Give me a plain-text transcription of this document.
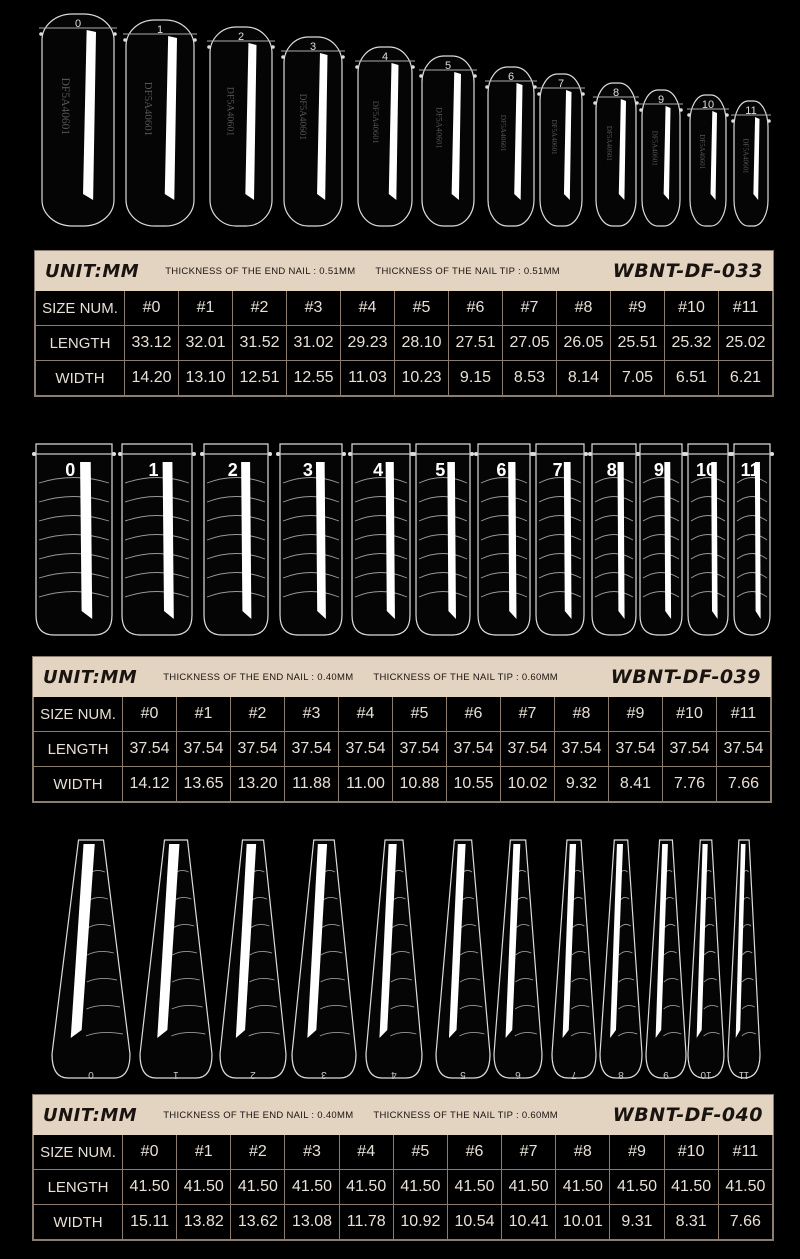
0
DF5A40601
1
DF5A40601
2
DF5A40601
3
DF5A40601
4
DF5A40601
5
DF5A40601
6
DF5A40601
7
DF5A40601
8
DF5A40601
9
DF5A40601
10
DF5A40601
11
DF5A40601
UNIT:MM	THICKNESS OF THE END NAIL : 0.51MM THICKNESS OF THE NAIL TIP : 0.51MM	WBNT-DF-033
SIZE NUM.	#0	#1	#2	#3	#4	#5	#6	#7	#8	#9	#10	#11
LENGTH	33.12	32.01	31.52	31.02	29.23	28.10	27.51	27.05	26.05	25.51	25.32	25.02
WIDTH	14.20	13.10	12.51	12.55	11.03	10.23	9.15	8.53	8.14	7.05	6.51	6.21
0	1	2	3	4	5	6	7 8 9 10 11
UNIT:MM	THICKNESS OF THE END NAIL : 0.40MM THICKNESS OF THE NAIL TIP : 0.60MM	WBNT-DF-039
SIZE NUM.	#0	#1	#2	#3	#4	#5	#6	#7	#8	#9	#10	#11
LENGTH	37.54	37.54	37.54	37.54	37.54	37.54	37.54	37.54	37.54	37.54	37.54	37.54
WIDTH	14.12	13.65	13.20	11.88	11.00	10.88	10.55	10.02	9.32	8.41	7.76	7.66
0	1	2	3	4	5	6	7	8	9	10	11
UNIT:MM	THICKNESS OF THE END NAIL : 0.40MM THICKNESS OF THE NAIL TIP : 0.60MM	WBNT-DF-040
SIZE NUM.	#0	#1	#2	#3	#4	#5	#6	#7	#8	#9	#10	#11
LENGTH	41.50	41.50	41.50	41.50	41.50	41.50	41.50	41.50	41.50	41.50	41.50	41.50
WIDTH	15.11	13.82	13.62	13.08	11.78	10.92	10.54	10.41	10.01	9.31	8.31	7.66
